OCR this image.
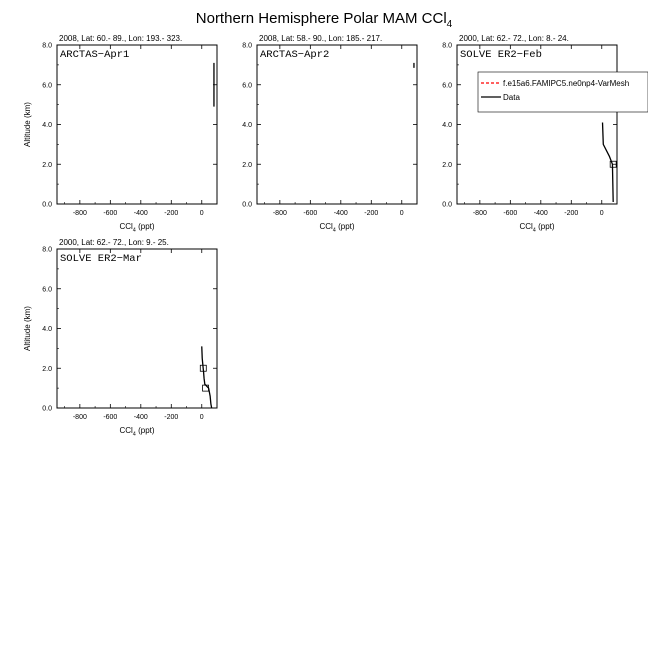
Northern Hemisphere Polar MAM CCl$_4$
2008, Lat: 60.- 89., Lon: 193.- 323.
-800 -600 -400 -200	0
0.0
2.0
4.0
6.0
8.0
CCl$_4$ (ppt)
Altitude (km)
ARCTAS−Apr1
2008, Lat: 58.- 90., Lon: 185.- 217.
-800 -600 -400 -200	0
0.0
2.0
4.0
6.0
8.0
CCl$_4$ (ppt)
ARCTAS−Apr2
2000, Lat: 62.- 72., Lon: 8.- 24.
-800 -600 -400 -200	0
0.0
2.0
4.0
6.0
8.0
CCl$_4$ (ppt)
SOLVE ER2−Feb
f.e15a6.FAMIPC5.ne0np4-VarMesh
Data
2000, Lat: 62.- 72., Lon: 9.- 25.
-800 -600 -400 -200	0
0.0
2.0
4.0
6.0
8.0
CCl$_4$ (ppt)
Altitude (km)
SOLVE ER2−Mar
